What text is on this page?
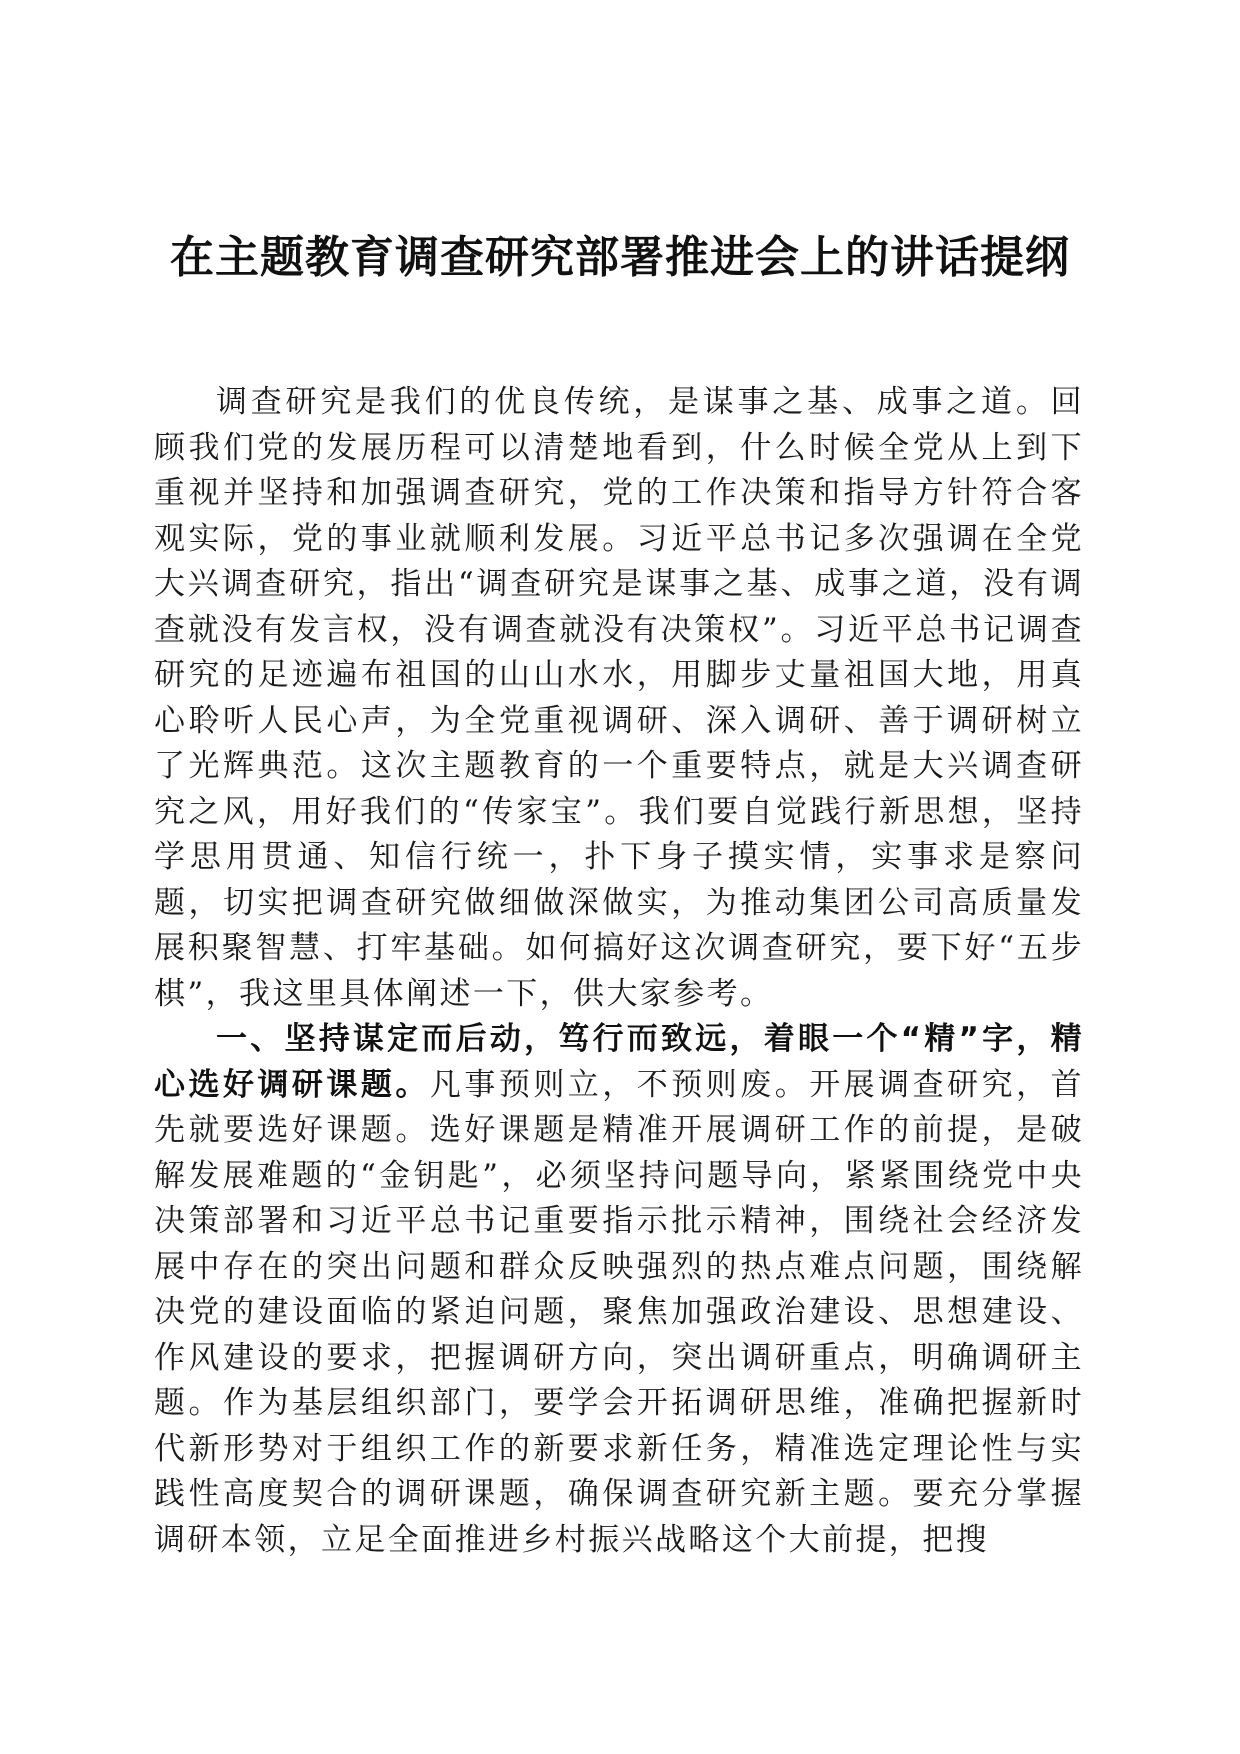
在主题教育调查研究部署推进会上的讲话提纲

调查研究是我们的优良传统，是谋事之基、成事之道。回顾我们党的发展历程可以清楚地看到，什么时候全党从上到下重视并坚持和加强调查研究，党的工作决策和指导方针符合客观实际，党的事业就顺利发展。习近平总书记多次强调在全党大兴调查研究，指出“调查研究是谋事之基、成事之道，没有调查就没有发言权，没有调查就没有决策权”。习近平总书记调查研究的足迹遍布祖国的山山水水，用脚步丈量祖国大地，用真心聆听人民心声，为全党重视调研、深入调研、善于调研树立了光辉典范。这次主题教育的一个重要特点，就是大兴调查研究之风，用好我们的“传家宝”。我们要自觉践行新思想，坚持学思用贯通、知信行统一，扑下身子摸实情，实事求是察问题，切实把调查研究做细做深做实，为推动集团公司高质量发展积聚智慧、打牢基础。如何搞好这次调查研究，要下好“五步棋”，我这里具体阐述一下，供大家参考。

一、坚持谋定而后动，笃行而致远，着眼一个“精”字，精心选好调研课题。凡事预则立，不预则废。开展调查研究，首先就要选好课题。选好课题是精准开展调研工作的前提，是破解发展难题的“金钥匙”，必须坚持问题导向，紧紧围绕党中央决策部署和习近平总书记重要指示批示精神，围绕社会经济发展中存在的突出问题和群众反映强烈的热点难点问题，围绕解决党的建设面临的紧迫问题，聚焦加强政治建设、思想建设、作风建设的要求，把握调研方向，突出调研重点，明确调研主题。作为基层组织部门，要学会开拓调研思维，准确把握新时代新形势对于组织工作的新要求新任务，精准选定理论性与实践性高度契合的调研课题，确保调查研究新主题。要充分掌握调研本领，立足全面推进乡村振兴战略这个大前提，把搜
